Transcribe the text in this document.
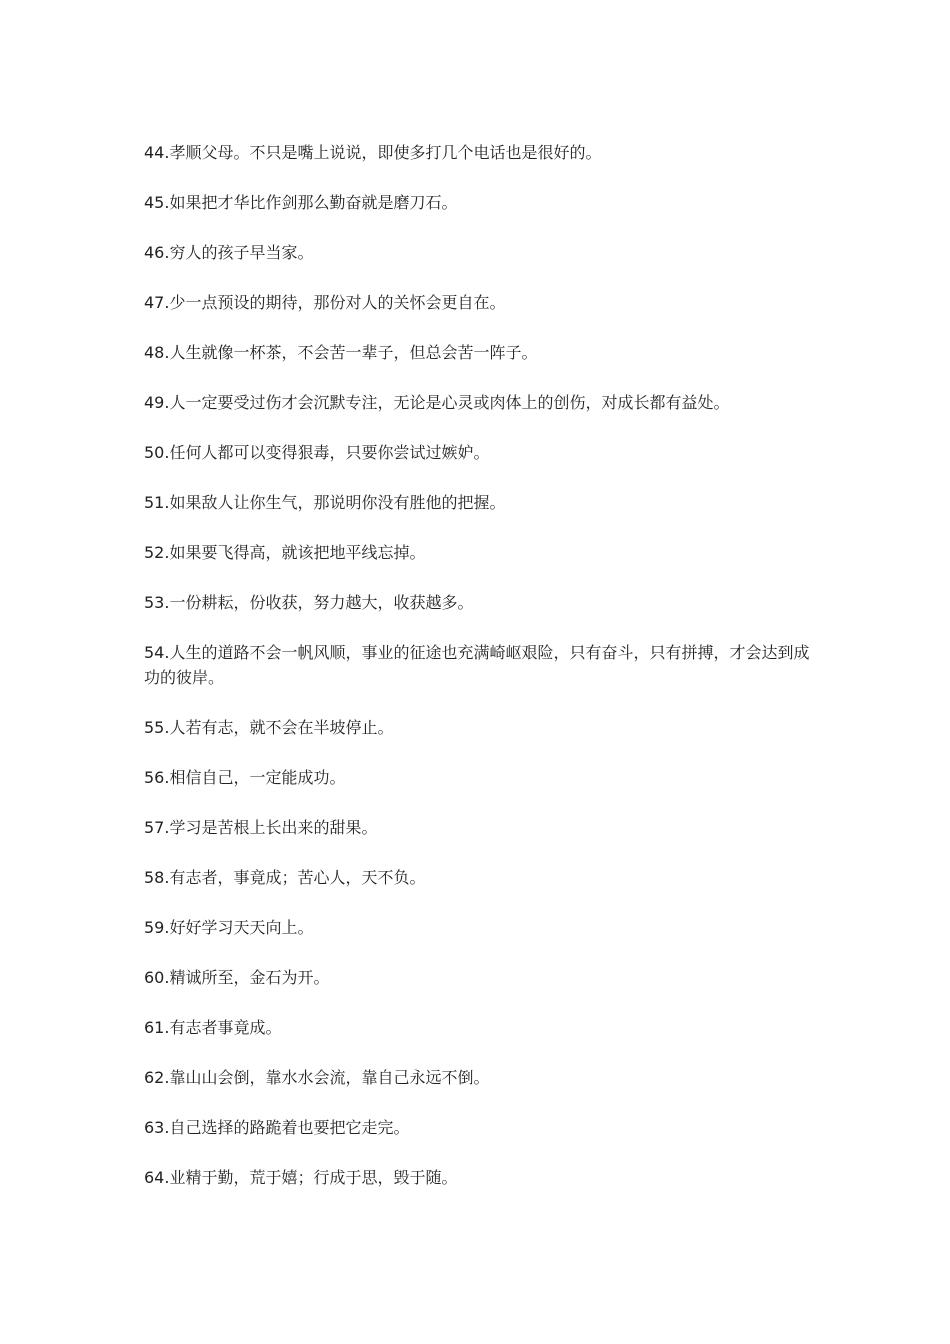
44.孝顺父母。不只是嘴上说说，即使多打几个电话也是很好的。

45.如果把才华比作剑那么勤奋就是磨刀石。

46.穷人的孩子早当家。

47.少一点预设的期待，那份对人的关怀会更自在。

48.人生就像一杯茶，不会苦一辈子，但总会苦一阵子。

49.人一定要受过伤才会沉默专注，无论是心灵或肉体上的创伤，对成长都有益处。

50.任何人都可以变得狠毒，只要你尝试过嫉妒。

51.如果敌人让你生气，那说明你没有胜他的把握。

52.如果要飞得高，就该把地平线忘掉。

53.一份耕耘，份收获，努力越大，收获越多。

54.人生的道路不会一帆风顺，事业的征途也充满崎岖艰险，只有奋斗，只有拼搏，才会达到成功的彼岸。

55.人若有志，就不会在半坡停止。

56.相信自己，一定能成功。

57.学习是苦根上长出来的甜果。

58.有志者，事竟成；苦心人，天不负。

59.好好学习天天向上。

60.精诚所至，金石为开。

61.有志者事竟成。

62.靠山山会倒，靠水水会流，靠自己永远不倒。

63.自己选择的路跪着也要把它走完。

64.业精于勤，荒于嬉；行成于思，毁于随。
